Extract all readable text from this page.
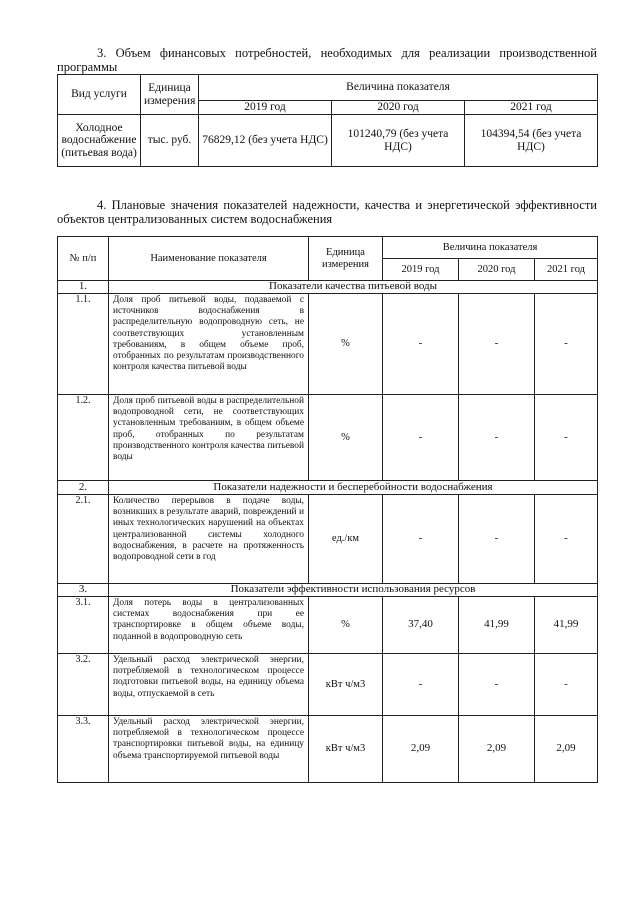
3. Объем финансовых потребностей, необходимых для реализации производственной программы
Вид услуги	Единица измерения	Величина показателя		
		2019 год	2020 год	2021 год
Холодное водоснабжение (питьевая вода)	тыс. руб.	76829,12 (без учета НДС)	101240,79 (без учета НДС)	104394,54 (без учета НДС)
4. Плановые значения показателей надежности, качества и энергетической эффективности объектов централизованных систем водоснабжения
№ п/п	Наименование показателя	Единица измерения	Величина показателя		
			2019 год	2020 год	2021 год
1.	Показатели качества питьевой воды				
1.1.	Доля проб питьевой воды, подаваемой с источников водоснабжения в распределительную водопроводную сеть, не соответствующих установленным требованиям, в общем объеме проб, отобранных по результатам производственного контроля качества питьевой воды	%	-	-	-
1.2.	Доля проб питьевой воды в распределительной водопроводной сети, не соответствующих установленным требованиям, в общем объеме проб, отобранных по результатам производственного контроля качества питьевой воды	%	-	-	-
2.	Показатели надежности и бесперебойности водоснабжения				
2.1.	Количество перерывов в подаче воды, возникших в результате аварий, повреждений и иных технологических нарушений на объектах централизованной системы холодного водоснабжения, в расчете на протяженность водопроводной сети в год	ед./км	-	-	-
3.	Показатели эффективности использования ресурсов				
3.1.	Доля потерь воды в централизованных системах водоснабжения при ее транспортировке в общем объеме воды, поданной в водопроводную сеть	%	37,40	41,99	41,99
3.2.	Удельный расход электрической энергии, потребляемой в технологическом процессе подготовки питьевой воды, на единицу объема воды, отпускаемой в сеть	кВт ч/м3	-	-	-
3.3.	Удельный расход электрической энергии, потребляемой в технологическом процессе транспортировки питьевой воды, на единицу объема транспортируемой питьевой воды	кВт ч/м3	2,09	2,09	2,09
